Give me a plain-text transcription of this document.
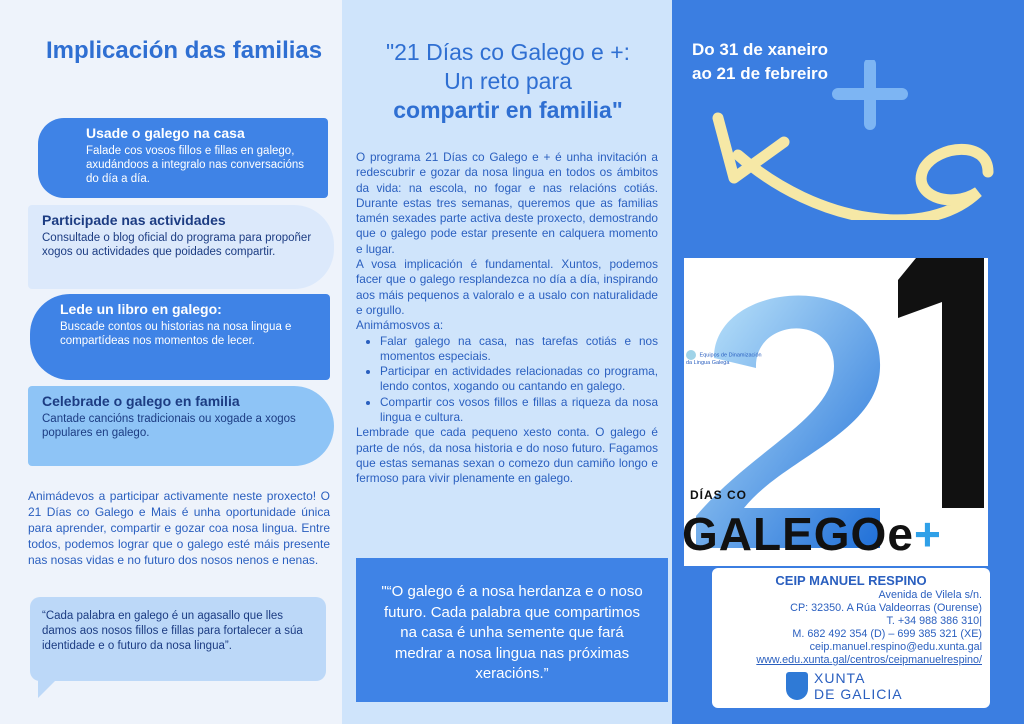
Implicación das familias
Usade o galego na casa
Falade cos vosos fillos e fillas en galego, axudándoos a integralo nas conversacións do día a día.
Participade nas actividades
Consultade o blog oficial do programa para propoñer xogos ou actividades que poidades compartir.
Lede un libro en galego:
Buscade contos ou historias na nosa lingua e compartídeas nos momentos de lecer.
Celebrade o galego en familia
Cantade cancións tradicionais ou xogade a xogos populares en galego.
Animádevos a participar activamente neste proxecto! O 21 Días co Galego e Mais é unha oportunidade única para aprender, compartir e gozar coa nosa lingua. Entre todos, podemos lograr que o galego esté máis presente nas nosas vidas e no futuro dos nosos nenos e nenas.
“Cada palabra en galego é un agasallo que lles damos aos nosos fillos e fillas para fortalecer a súa identidade e o futuro da nosa lingua”.
"21 Días co Galego e +:
Un reto para
compartir en familia"

O programa 21 Días co Galego e + é unha invitación a redescubrir e gozar da nosa lingua en todos os ámbitos da vida: na escola, no fogar e nas relacións cotiás. Durante estas tres semanas, queremos que as familias tamén sexades parte activa deste proxecto, demostrando que o galego pode estar presente en calquera momento e lugar.

A vosa implicación é fundamental. Xuntos, podemos facer que o galego resplandezca no día a día, inspirando aos máis pequenos a valoralo e a usalo con naturalidade e orgullo.

Animámosvos a:

• Falar galego na casa, nas tarefas cotiás e nos momentos especiais.
• Participar en actividades relacionadas co programa, lendo contos, xogando ou cantando en galego.
• Compartir cos vosos fillos e fillas a riqueza da nosa lingua e cultura.

Lembrade que cada pequeno xesto conta. O galego é parte de nós, da nosa historia e do noso futuro. Fagamos que estas semanas sexan o comezo dun camiño longo e fermoso para vivir plenamente en galego.

"“O galego é a nosa herdanza e o noso futuro. Cada palabra que compartimos na casa é unha semente que fará medrar a nosa lingua nas próximas xeracións.”
Do 31 de xaneiro
ao 21 de febreiro
Equipos de Dinamización da Lingua Galega
DÍAS CO
GALEGOe+
CEIP MANUEL RESPINO
Avenida de Vilela s/n.
CP: 32350. A Rúa Valdeorras (Ourense)
T. +34 988 386 310|
M. 682 492 354 (D) – 699 385 321 (XE)
ceip.manuel.respino@edu.xunta.gal
www.edu.xunta.gal/centros/ceipmanuelrespino/
XUNTA
DE GALICIA
